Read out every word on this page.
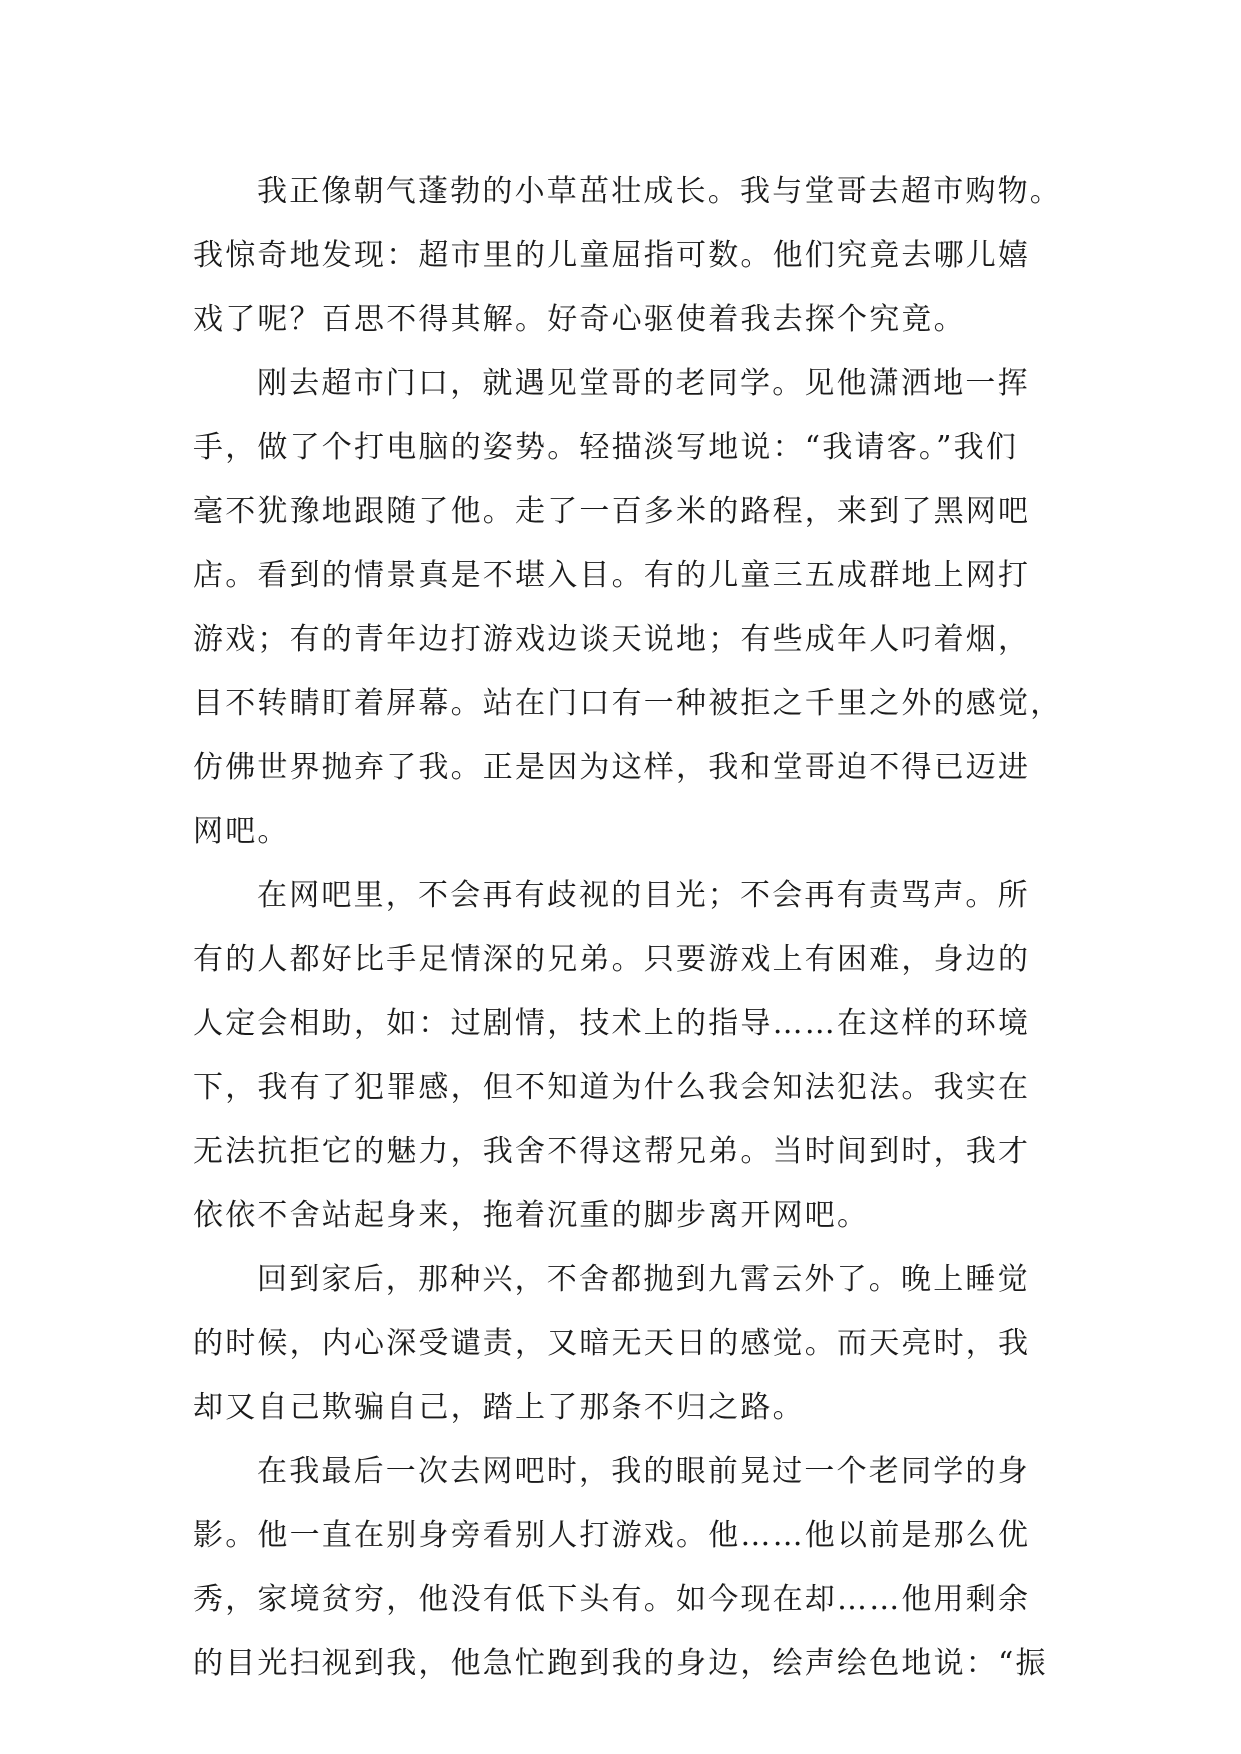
我正像朝气蓬勃的小草茁壮成长。我与堂哥去超市购物。
我惊奇地发现：超市里的儿童屈指可数。他们究竟去哪儿嬉
戏了呢？百思不得其解。好奇心驱使着我去探个究竟。
刚去超市门口，就遇见堂哥的老同学。见他潇洒地一挥
手，做了个打电脑的姿势。轻描淡写地说：“我请客。”我们
毫不犹豫地跟随了他。走了一百多米的路程，来到了黑网吧
店。看到的情景真是不堪入目。有的儿童三五成群地上网打
游戏；有的青年边打游戏边谈天说地；有些成年人叼着烟，
目不转睛盯着屏幕。站在门口有一种被拒之千里之外的感觉，
仿佛世界抛弃了我。正是因为这样，我和堂哥迫不得已迈进
网吧。
在网吧里，不会再有歧视的目光；不会再有责骂声。所
有的人都好比手足情深的兄弟。只要游戏上有困难，身边的
人定会相助，如：过剧情，技术上的指导……在这样的环境
下，我有了犯罪感，但不知道为什么我会知法犯法。我实在
无法抗拒它的魅力，我舍不得这帮兄弟。当时间到时，我才
依依不舍站起身来，拖着沉重的脚步离开网吧。
回到家后，那种兴，不舍都抛到九霄云外了。晚上睡觉
的时候，内心深受谴责，又暗无天日的感觉。而天亮时，我
却又自己欺骗自己，踏上了那条不归之路。
在我最后一次去网吧时，我的眼前晃过一个老同学的身
影。他一直在别身旁看别人打游戏。他……他以前是那么优
秀，家境贫穷，他没有低下头有。如今现在却……他用剩余
的目光扫视到我，他急忙跑到我的身边，绘声绘色地说：“振
